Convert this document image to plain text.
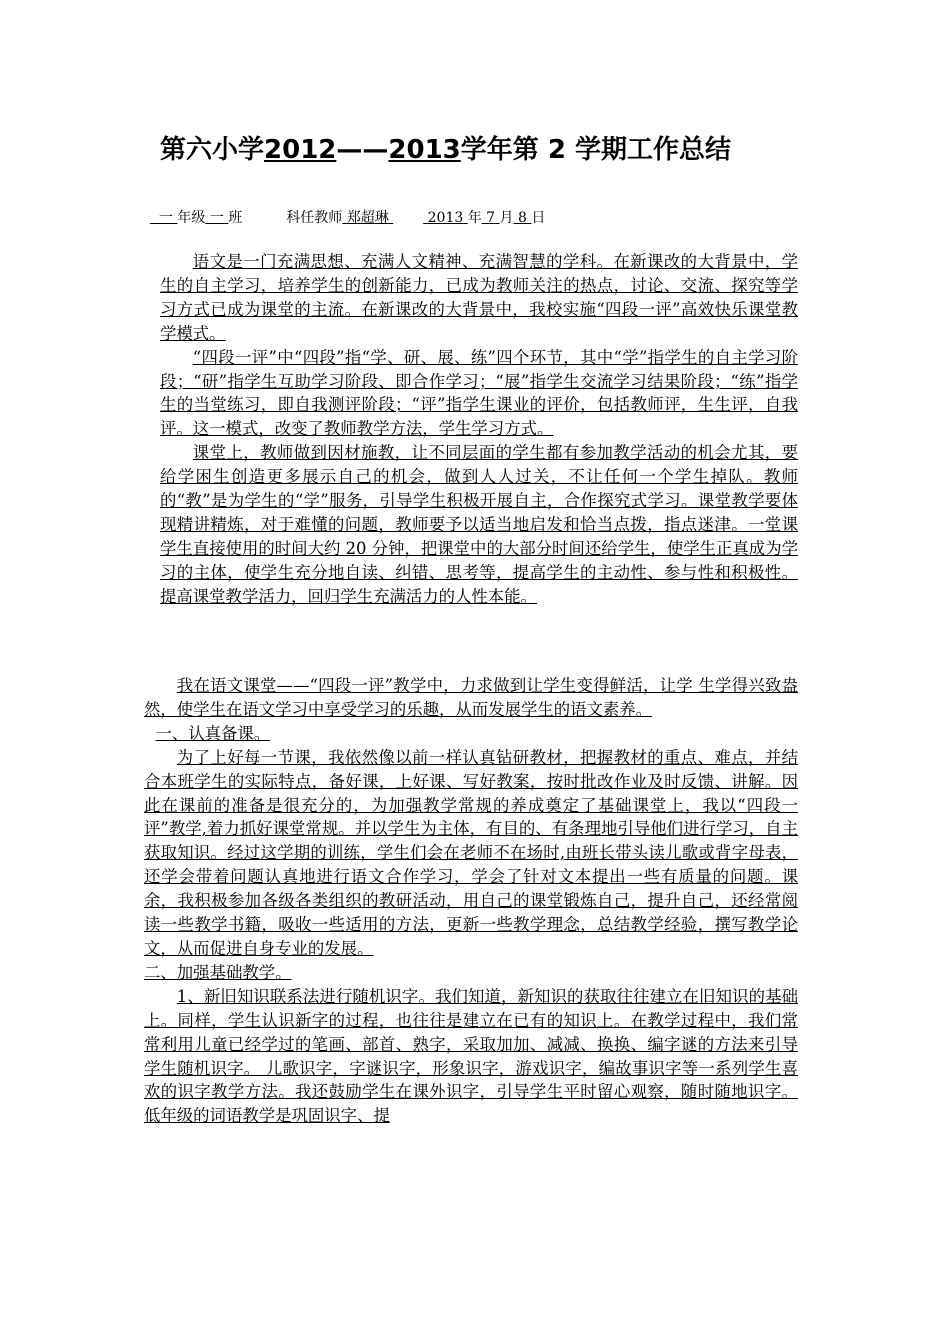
第六小学2012——2013学年第 2 学期工作总结
一 年级 一 班	科任教师 郑超琳	2013 年 7 月 8 日

语文是一门充满思想、充满人文精神、充满智慧的学科。在新课改的大背景中，学生的自主学习，培养学生的创新能力，已成为教师关注的热点，讨论、交流、探究等学习方式已成为课堂的主流。在新课改的大背景中，我校实施“四段一评”高效快乐课堂教学模式。

“四段一评”中“四段”指“学、研、展、练”四个环节，其中“学”指学生的自主学习阶段；“研”指学生互助学习阶段、即合作学习；“展”指学生交流学习结果阶段；“练”指学生的当堂练习，即自我测评阶段；“评”指学生课业的评价，包括教师评，生生评，自我评。这一模式，改变了教师教学方法，学生学习方式。

课堂上，教师做到因材施教，让不同层面的学生都有参加教学活动的机会尤其，要给学困生创造更多展示自己的机会，做到人人过关，不让任何一个学生掉队。教师的“教”是为学生的“学”服务，引导学生积极开展自主，合作探究式学习。课堂教学要体现精讲精炼，对于难懂的问题，教师要予以适当地启发和恰当点拨，指点迷津。一堂课学生直接使用的时间大约 20 分钟，把课堂中的大部分时间还给学生，使学生正真成为学习的主体，使学生充分地自读、纠错、思考等，提高学生的主动性、参与性和积极性。提高课堂教学活力，回归学生充满活力的人性本能。

我在语文课堂——“四段一评”教学中，力求做到让学生变得鲜活，让学 生学得兴致盎然，使学生在语文学习中享受学习的乐趣，从而发展学生的语文素养。

一、认真备课。

为了上好每一节课，我依然像以前一样认真钻研教材，把握教材的重点、难点，并结合本班学生的实际特点，备好课，上好课、写好教案，按时批改作业及时反馈、讲解。因此在课前的准备是很充分的，为加强教学常规的养成奠定了基础课堂上，我以“四段一评”教学,着力抓好课堂常规。并以学生为主体，有目的、有条理地引导他们进行学习，自主获取知识。经过这学期的训练，学生们会在老师不在场时,由班长带头读儿歌或背字母表，还学会带着问题认真地进行语文合作学习，学会了针对文本提出一些有质量的问题。课余，我积极参加各级各类组织的教研活动，用自己的课堂锻炼自己，提升自己，还经常阅读一些教学书籍，吸收一些适用的方法，更新一些教学理念，总结教学经验，撰写教学论文，从而促进自身专业的发展。

二、加强基础教学。

1、新旧知识联系法进行随机识字。我们知道，新知识的获取往往建立在旧知识的基础上。同样，学生认识新字的过程，也往往是建立在已有的知识上。在教学过程中，我们常常利用儿童已经学过的笔画、部首、熟字，采取加加、减减、换换、编字谜的方法来引导学生随机识字。 儿歌识字，字谜识字，形象识字，游戏识字，编故事识字等一系列学生喜欢的识字教学方法。我还鼓励学生在课外识字，引导学生平时留心观察，随时随地识字。低年级的词语教学是巩固识字、提
